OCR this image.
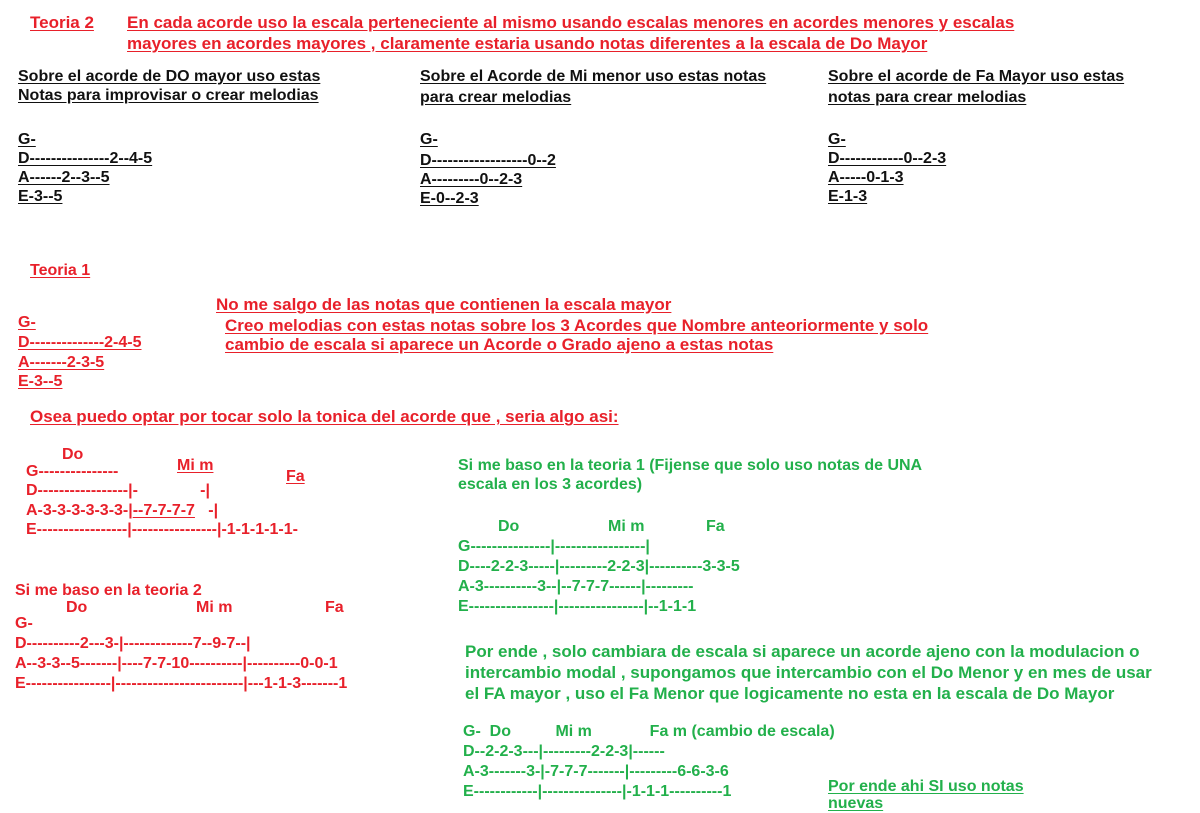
Teoria 2 En cada acorde uso la escala perteneciente al mismo usando escalas menores en acordes menores y escalas
mayores en acordes mayores , claramente estaria usando notas diferentes a la escala de Do Mayor
Sobre el acorde de DO mayor uso estas
Notas para improvisar o crear melodias
G-
D---------------2--4-5
A------2--3--5
E-3--5
Sobre el Acorde de Mi menor uso estas notas
para crear melodias
G-
D------------------0--2
A---------0--2-3
E-0--2-3
Sobre el acorde de Fa Mayor uso estas
notas para crear melodias
G-
D------------0--2-3
A-----0-1-3
E-1-3
Teoria 1
G-
D--------------2-4-5
A-------2-3-5
E-3--5
No me salgo de las notas que contienen la escala mayor
Creo melodias con estas notas sobre los 3 Acordes que Nombre anteoriormente y solo
cambio de escala si aparece un Acorde o Grado ajeno a estas notas
Osea puedo optar por tocar solo la tonica del acorde que , seria algo asi:
Do
Mi m
Fa
G---------------
D-----------------|-              -|
A-3-3-3-3-3-3-|--7-7-7-7   -|
E-----------------|----------------|-1-1-1-1-1-
Si me baso en la teoria 2
Do	Mi m	Fa
G-
D----------2---3-|-------------7--9-7--|
A--3-3--5-------|----7-7-10----------|----------0-0-1
E----------------|------------------------|---1-1-3-------1
Si me baso en la teoria 1 (Fijense que solo uso notas de UNA
escala en los 3 acordes)
Do	Mi m	Fa
G---------------|-----------------|
D----2-2-3-----|---------2-2-3|----------3-3-5
A-3----------3--|--7-7-7------|---------
E----------------|----------------|--1-1-1
Por ende , solo cambiara de escala si aparece un acorde ajeno con la modulacion o
intercambio modal , supongamos que intercambio con el Do Menor y en mes de usar
el FA mayor , uso el Fa Menor que logicamente no esta en la escala de Do Mayor
G-  Do          Mi m             Fa m (cambio de escala)
D--2-2-3---|---------2-2-3|------
A-3-------3-|-7-7-7-------|---------6-6-3-6
E------------|---------------|-1-1-1----------1	Por ende ahi SI uso notas
nuevas
